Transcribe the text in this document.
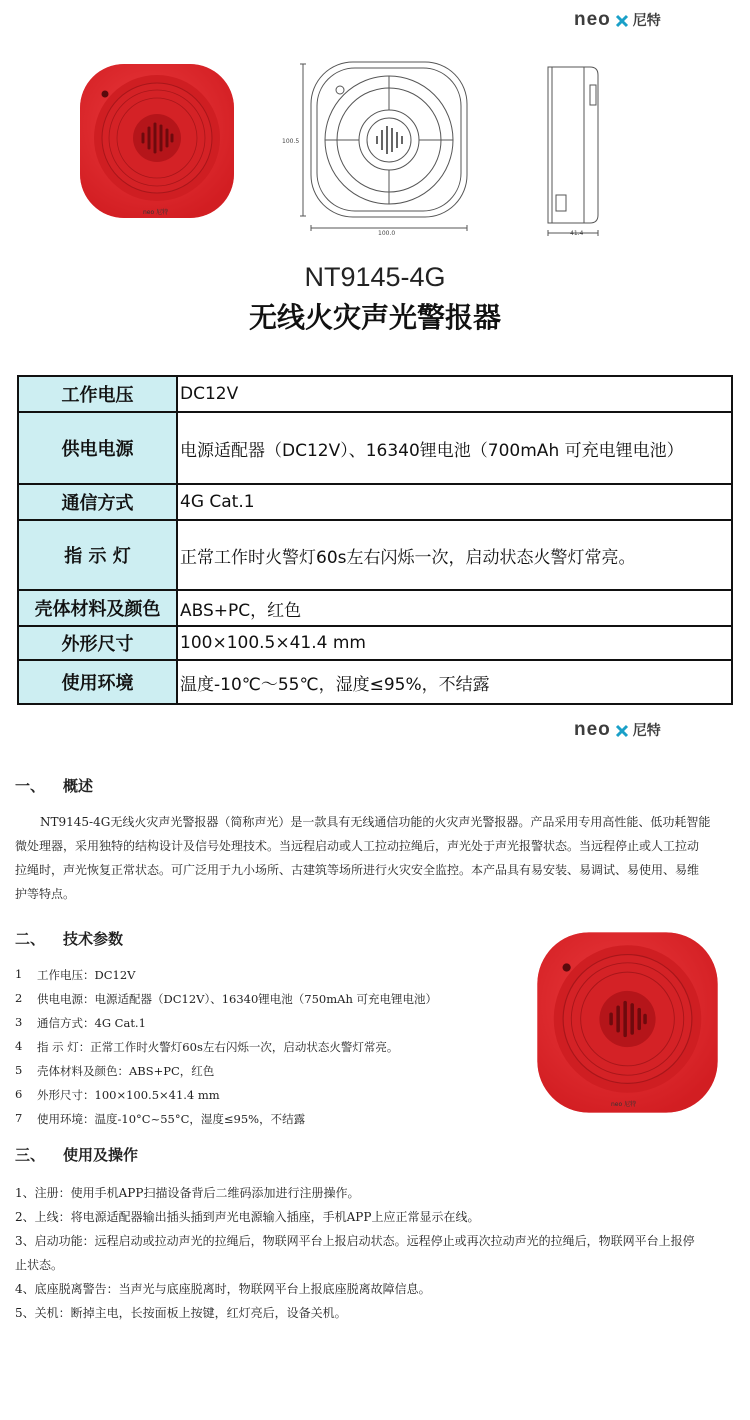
neo 尼特
neo 尼特
100.5
100.0	41.4
NT9145-4G
无线火灾声光警报器
工作电压	DC12V
供电电源	电源适配器（DC12V）、16340锂电池（700mAh 可充电锂电池）
通信方式	4G Cat.1
指 示 灯	正常工作时火警灯60s左右闪烁一次，启动状态火警灯常亮。
壳体材料及颜色	ABS+PC，红色
外形尺寸	100×100.5×41.4 mm
使用环境	温度-10℃～55℃，湿度≤95%，不结露
neo 尼特
一、 概述
NT9145-4G无线火灾声光警报器（简称声光）是一款具有无线通信功能的火灾声光警报器。产品采用专用高性能、低功耗智能
微处理器，采用独特的结构设计及信号处理技术。当远程启动或人工拉动拉绳后，声光处于声光报警状态。当远程停止或人工拉动
拉绳时，声光恢复正常状态。可广泛用于九小场所、古建筑等场所进行火灾安全监控。本产品具有易安装、易调试、易使用、易维
护等特点。
二、 技术参数
1	工作电压：DC12V
2	供电电源：电源适配器（DC12V）、16340锂电池（750mAh 可充电锂电池）
3	通信方式：4G Cat.1
4	指 示 灯：正常工作时火警灯60s左右闪烁一次，启动状态火警灯常亮。
5	壳体材料及颜色：ABS+PC，红色
6	外形尺寸：100×100.5×41.4 mm
7	使用环境：温度-10°C~55°C，湿度≤95%，不结露
neo 尼特
三、 使用及操作
1、注册：使用手机APP扫描设备背后二维码添加进行注册操作。
2、上线：将电源适配器输出插头插到声光电源输入插座，手机APP上应正常显示在线。
3、启动功能：远程启动或拉动声光的拉绳后，物联网平台上报启动状态。远程停止或再次拉动声光的拉绳后，物联网平台上报停
止状态。
4、底座脱离警告：当声光与底座脱离时，物联网平台上报底座脱离故障信息。
5、关机：断掉主电，长按面板上按键，红灯亮后，设备关机。
